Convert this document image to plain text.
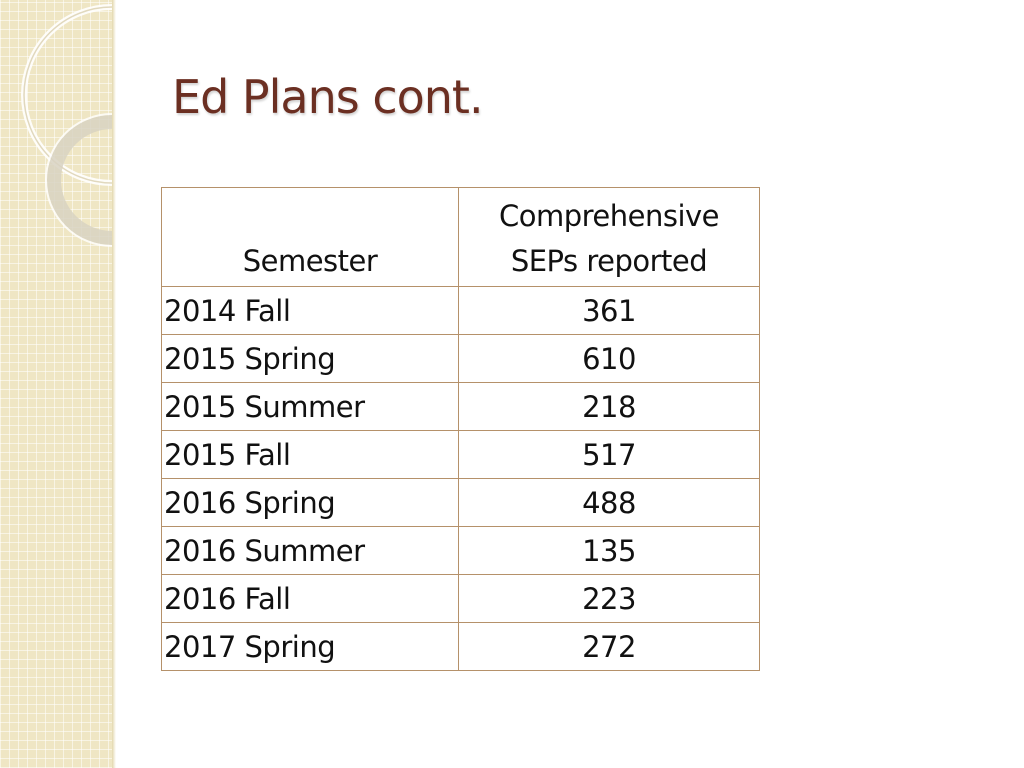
Ed Plans cont.
Semester	Comprehensive
SEPs reported

2014 Fall	361
2015 Spring	610
2015 Summer	218
2015 Fall	517
2016 Spring	488
2016 Summer	135
2016 Fall	223
2017 Spring	272
